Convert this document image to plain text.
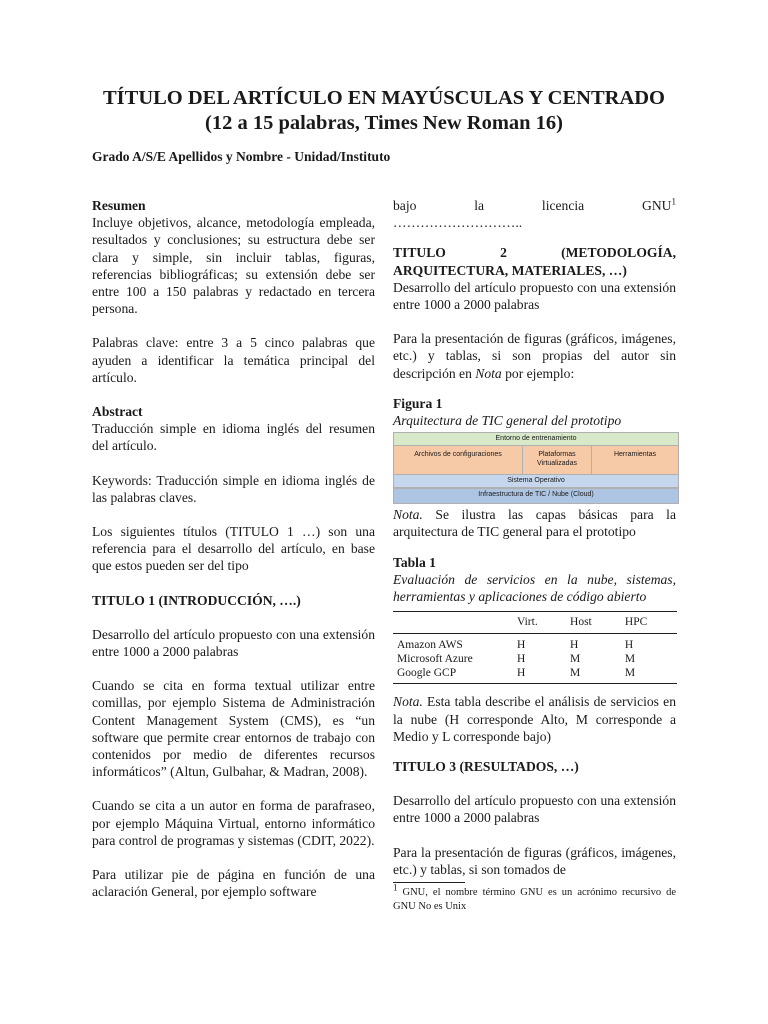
TÍTULO DEL ARTÍCULO EN MAYÚSCULAS Y CENTRADO
(12 a 15 palabras, Times New Roman 16)
Grado A/S/E Apellidos y Nombre - Unidad/Instituto
Resumen

Incluye objetivos, alcance, metodología empleada, resultados y conclusiones; su estructura debe ser clara y simple, sin incluir tablas, figuras, referencias bibliográficas; su extensión debe ser entre 100 a 150 palabras y redactado en tercera persona.

Palabras clave: entre 3 a 5 cinco palabras que ayuden a identificar la temática principal del artículo.

Abstract

Traducción simple en idioma inglés del resumen del artículo.

Keywords: Traducción simple en idioma inglés de las palabras claves.

Los siguientes títulos (TITULO 1 …) son una referencia para el desarrollo del artículo, en base que estos pueden ser del tipo

TITULO 1 (INTRODUCCIÓN, ….)

Desarrollo del artículo propuesto con una extensión entre 1000 a 2000 palabras

Cuando se cita en forma textual utilizar entre comillas, por ejemplo Sistema de Administración Content Management System (CMS), es “un software que permite crear entornos de trabajo con contenidos por medio de diferentes recursos informáticos” (Altun, Gulbahar, & Madran, 2008).

Cuando se cita a un autor en forma de parafraseo, por ejemplo Máquina Virtual, entorno informático para control de programas y sistemas (CDIT, 2022).

Para utilizar pie de página en función de una aclaración General, por ejemplo software

bajo la licencia GNU$^1$

………………………..

TITULO 2 (METODOLOGÍA, ARQUITECTURA, MATERIALES, …)

Desarrollo del artículo propuesto con una extensión entre 1000 a 2000 palabras

Para la presentación de figuras (gráficos, imágenes, etc.) y tablas, si son propias del autor sin descripción en Nota por ejemplo:

Figura 1
Arquitectura de TIC general del prototipo
Entorno de entrenamiento
Archivos de configuraciones	Plataformas Virtualizadas
Herramientas
Sistema Operativo
Infraestructura de TIC / Nube (Cloud)

Nota. Se ilustra las capas básicas para la arquitectura de TIC general para el prototipo

Tabla 1

Evaluación de servicios en la nube, sistemas, herramientas y aplicaciones de código abierto

	Virt.	Host	HPC
Amazon AWS	H	H	H
Microsoft Azure	H	M	M
Google GCP	H	M	M

Nota. Esta tabla describe el análisis de servicios en la nube (H corresponde Alto, M corresponde a Medio y L corresponde bajo)

TITULO 3 (RESULTADOS, …)

Desarrollo del artículo propuesto con una extensión entre 1000 a 2000 palabras

Para la presentación de figuras (gráficos, imágenes, etc.) y tablas, si son tomados de

1 GNU, el nombre término GNU es un acrónimo recursivo de GNU No es Unix
